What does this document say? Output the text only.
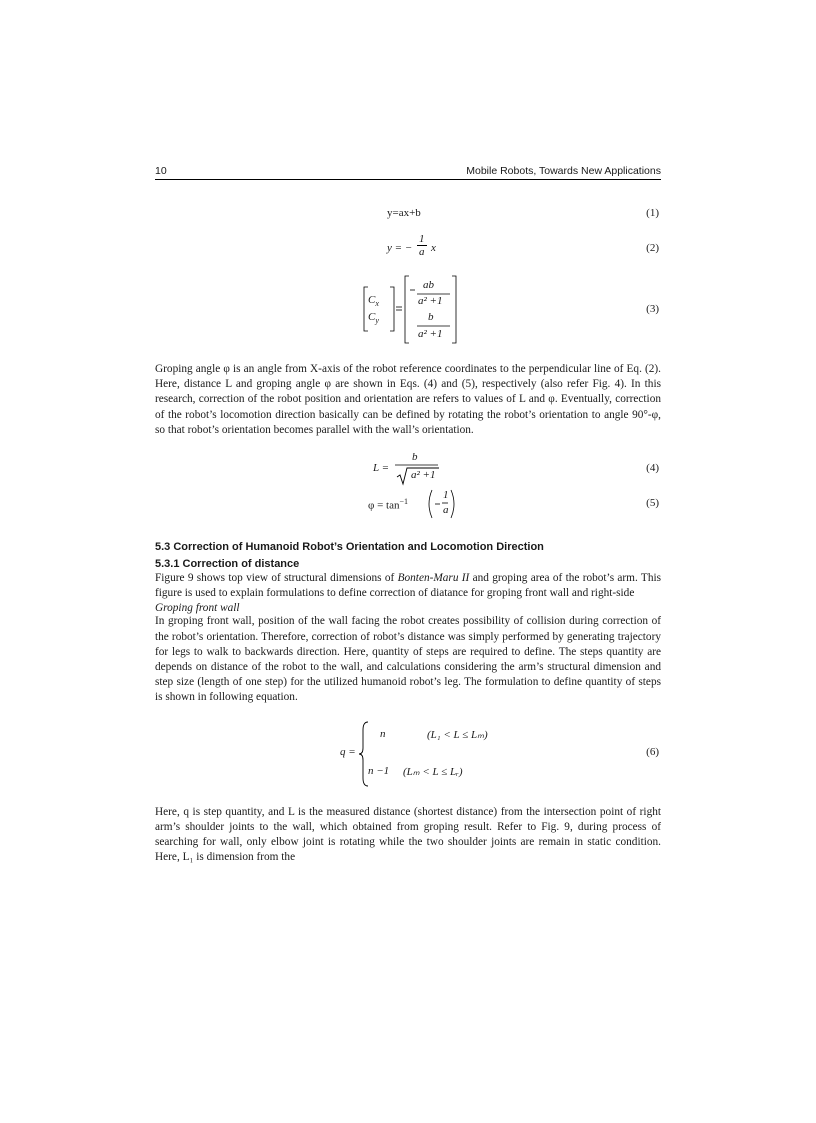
10	Mobile Robots, Towards New Applications
y=ax+b	(1)
y = − $\frac{1}{a}$ x	(2)
$C_x$
$C_y$
ab
a² +1
b
a² +1
(3)

Groping angle φ is an angle from X-axis of the robot reference coordinates to the perpendicular line of Eq. (2). Here, distance L and groping angle φ are shown in Eqs. (4) and (5), respectively (also refer Fig. 4). In this research, correction of the robot position and orientation are refers to values of L and φ. Eventually, correction of the robot’s locomotion direction basically can be defined by rotating the robot’s orientation to angle 90°-φ, so that robot’s orientation becomes parallel with the wall’s orientation.

L =
b
a² +1
(4)
$\varphi = \tan^{-1}$
1
a
(5)
5.3 Correction of Humanoid Robot’s Orientation and Locomotion Direction
5.3.1 Correction of distance

Figure 9 shows top view of structural dimensions of Bonten-Maru II and groping area of the robot’s arm. This figure is used to explain formulations to define correction of diatance for groping front wall and right-side

Groping front wall

In groping front wall, position of the wall facing the robot creates possibility of collision during correction of the robot’s orientation. Therefore, correction of robot’s distance was simply performed by generating trajectory for legs to walk to backwards direction. Here, quantity of steps are required to define. The steps quantity are depends on distance of the robot to the wall, and calculations considering the arm’s structural dimension and step size (length of one step) for the utilized humanoid robot’s leg. The formulation to define quantity of steps is shown in following equation.

q =
n	(L₁ < L ≤ Lₘ)
n −1 (Lₘ < L ≤ Lᵣ)
(6)

Here, q is step quantity, and L is the measured distance (shortest distance) from the intersection point of right arm’s shoulder joints to the wall, which obtained from groping result. Refer to Fig. 9, during process of searching for wall, only elbow joint is rotating while the two shoulder joints are remain in static condition. Here, L₁ is dimension from the
